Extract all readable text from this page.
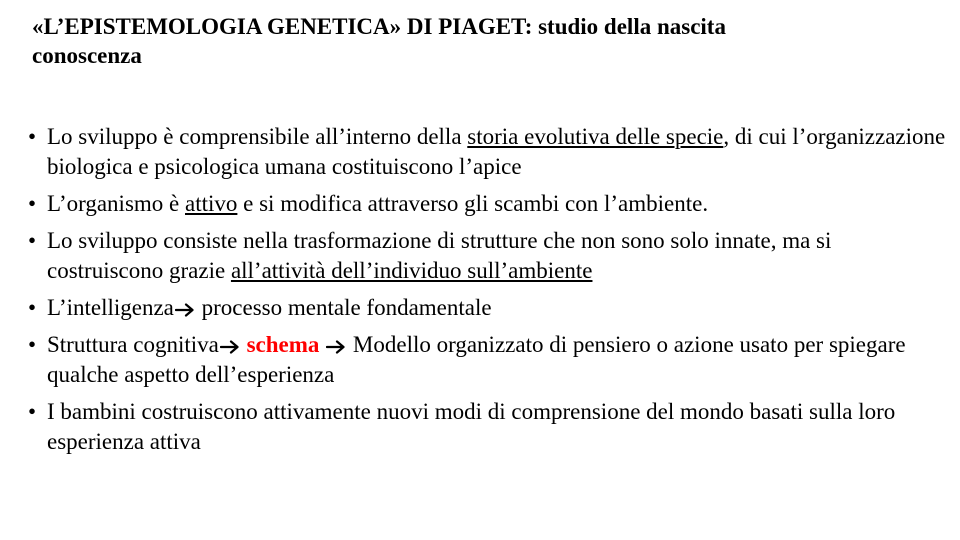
«L’EPISTEMOLOGIA GENETICA» DI PIAGET: studio della nascita
conoscenza
• Lo sviluppo è comprensibile all’interno della storia evolutiva delle specie, di cui l’organizzazione biologica e psicologica umana costituiscono l’apice
• L’organismo è attivo e si modifica attraverso gli scambi con l’ambiente.
• Lo sviluppo consiste nella trasformazione di strutture che non sono solo innate, ma si costruiscono grazie all’attività dell’individuo sull’ambiente
• L’intelligenza processo mentale fondamentale
• Struttura cognitiva schema  Modello organizzato di pensiero o azione usato per spiegare qualche aspetto dell’esperienza
• I bambini costruiscono attivamente nuovi modi di comprensione del mondo basati sulla loro esperienza attiva
